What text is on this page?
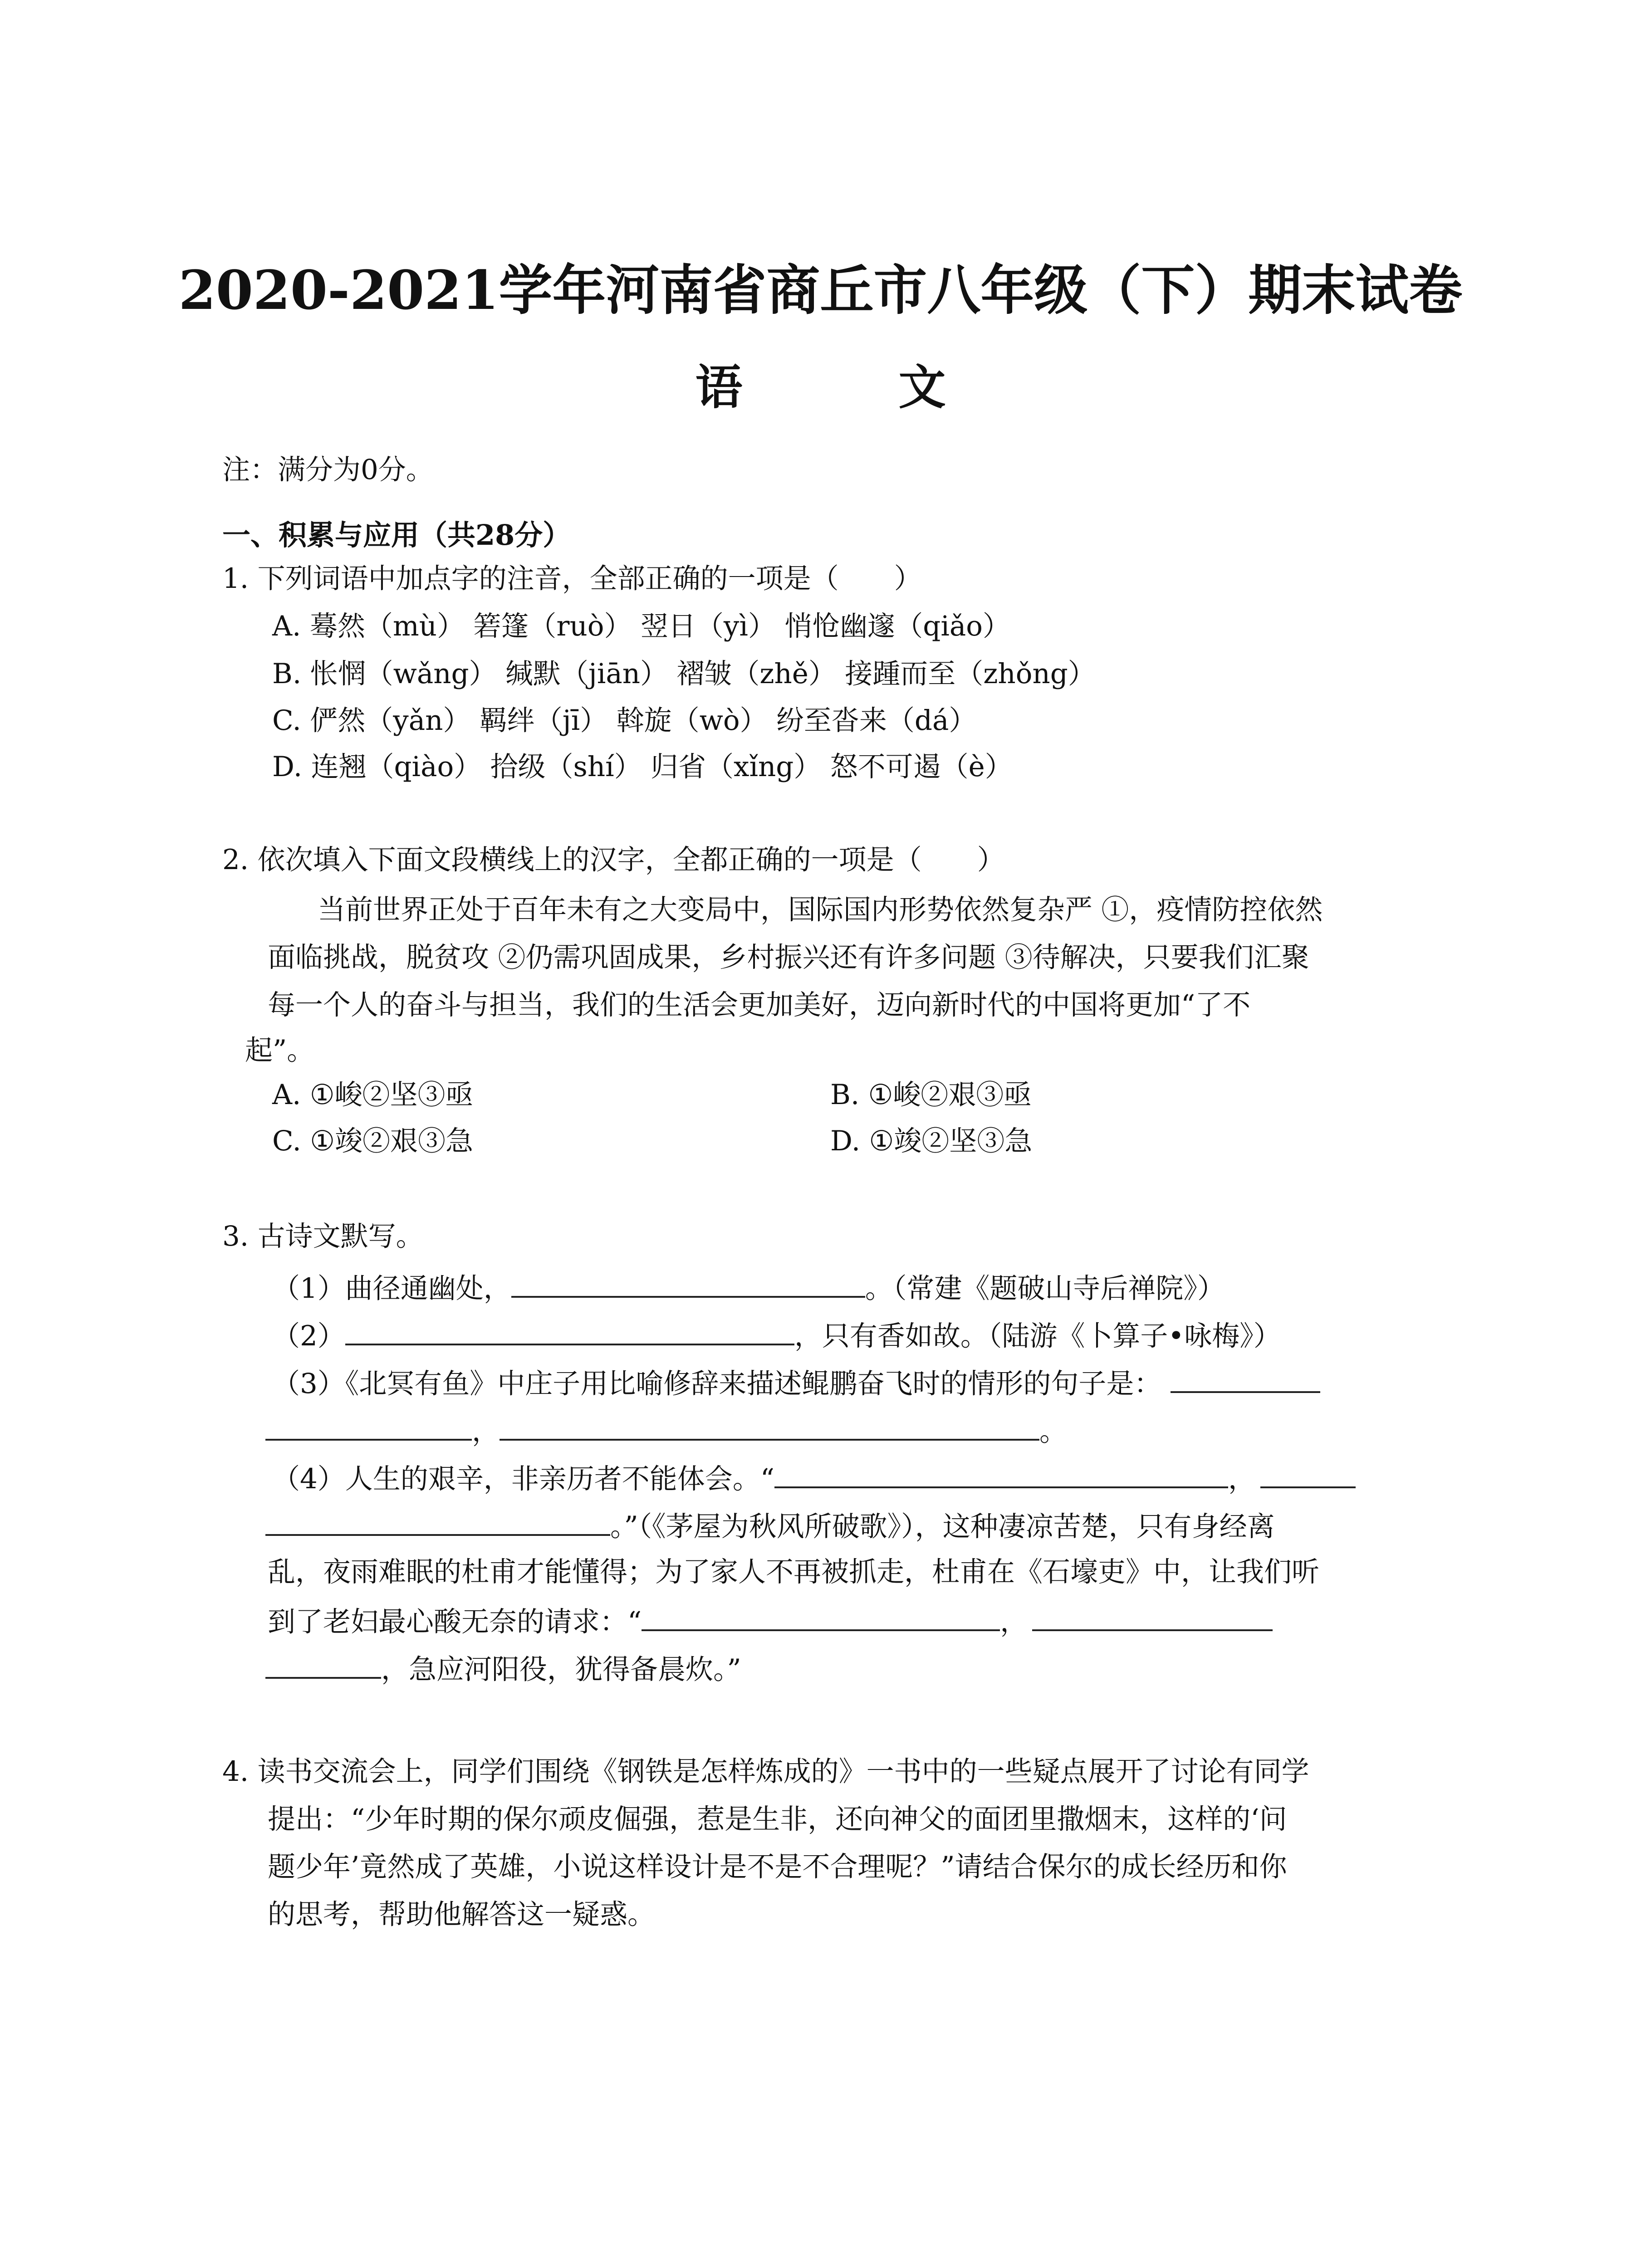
2020-2021学年河南省商丘市八年级（下）期末试卷
语　文
注：满分为0分。
一、积累与应用（共28分）
1. 下列词语中加点字的注音，全部正确的一项是（　　）
A. 蓦然（mù） 箬篷（ruò） 翌日（yì） 悄怆幽邃（qiǎo）
B. 怅惘（wǎng） 缄默（jiān） 褶皱（zhě） 接踵而至（zhǒng）
C. 俨然（yǎn） 羁绊（jī） 斡旋（wò） 纷至沓来（dá）
D. 连翘（qiào） 拾级（shí） 归省（xǐng） 怒不可遏（è）
2. 依次填入下面文段横线上的汉字，全都正确的一项是（　　）
当前世界正处于百年未有之大变局中，国际国内形势依然复杂严 ①，疫情防控依然
面临挑战，脱贫攻 ②仍需巩固成果，乡村振兴还有许多问题 ③待解决，只要我们汇聚
每一个人的奋斗与担当，我们的生活会更加美好，迈向新时代的中国将更加“了不
起”。
A. ①峻②坚③亟	B. ①峻②艰③亟
C. ①竣②艰③急	D. ①竣②坚③急
3. 古诗文默写。
（1）曲径通幽处，	。（常建《题破山寺后禅院》）
（2）	，只有香如故。（陆游《卜算子•咏梅》）
（3）《北冥有鱼》中庄子用比喻修辞来描述鲲鹏奋飞时的情形的句子是：
，	。
（4）人生的艰辛，非亲历者不能体会。“	，
。”（《茅屋为秋风所破歌》），这种凄凉苦楚，只有身经离
乱，夜雨难眠的杜甫才能懂得；为了家人不再被抓走，杜甫在《石壕吏》中，让我们听
到了老妇最心酸无奈的请求：“	，
，急应河阳役，犹得备晨炊。”
4. 读书交流会上，同学们围绕《钢铁是怎样炼成的》一书中的一些疑点展开了讨论有同学
提出：“少年时期的保尔顽皮倔强，惹是生非，还向神父的面团里撒烟末，这样的‘问
题少年’竟然成了英雄，小说这样设计是不是不合理呢？”请结合保尔的成长经历和你
的思考，帮助他解答这一疑惑。
